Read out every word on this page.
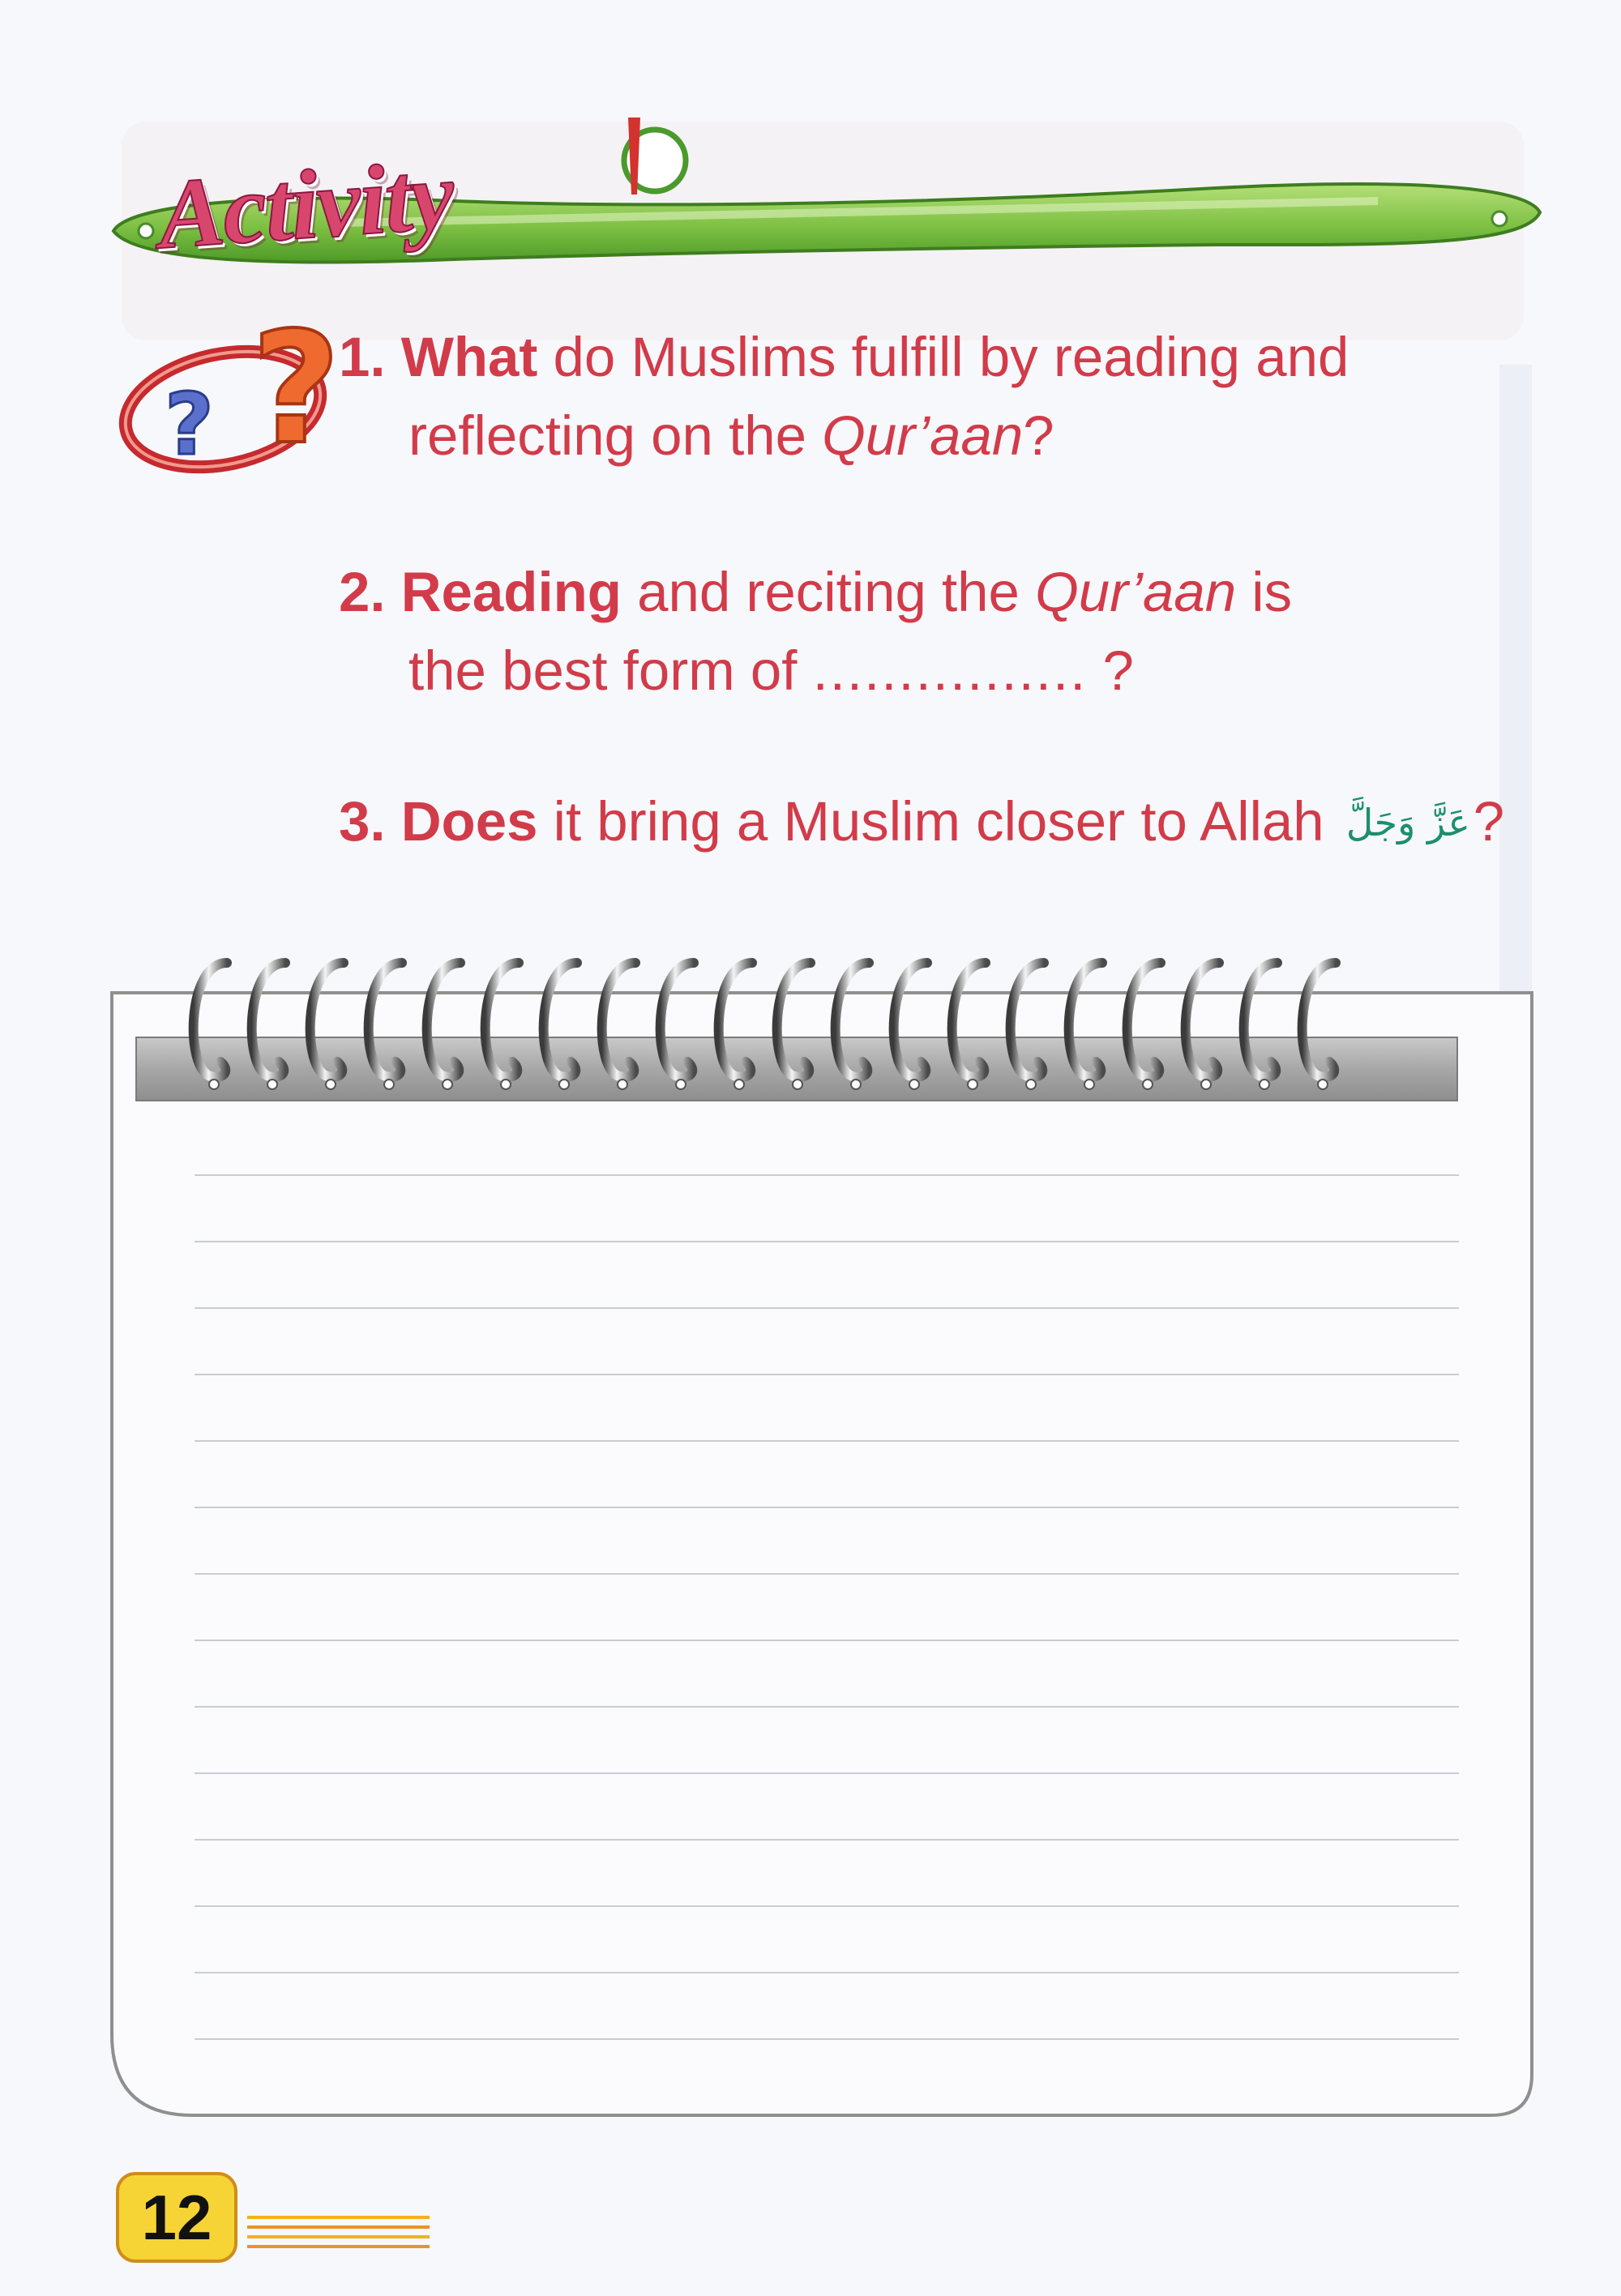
Activity
?
?

1. What do Muslims fulfill by reading and
reflecting on the Qur’aan?

2. Reading and reciting the Qur’aan is
the best form of ................ ?

3. Does it bring a Muslim closer to Allah عَزَّ وَجَلَّ?

12
